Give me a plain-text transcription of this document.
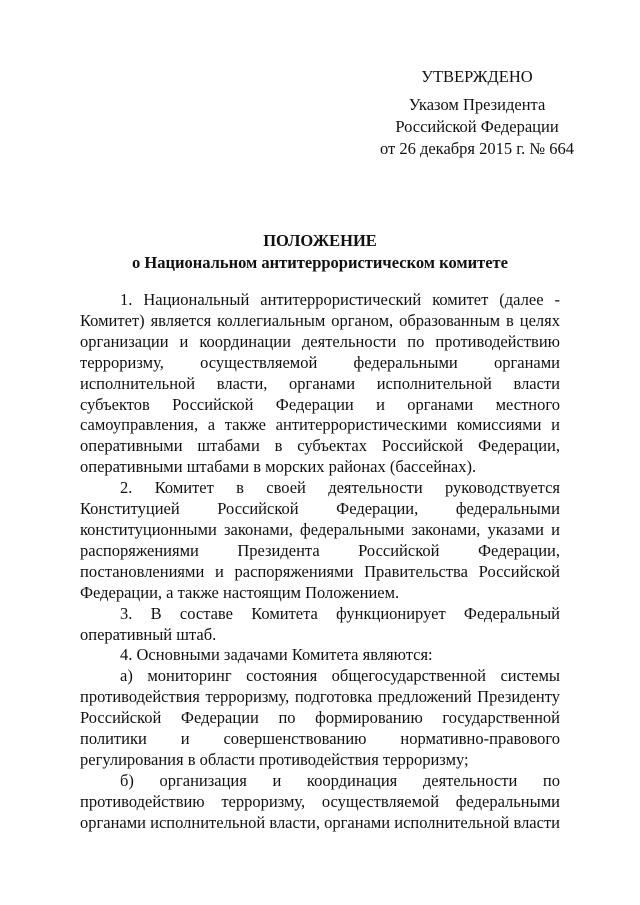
УТВЕРЖДЕНО
Указом Президента
Российской Федерации
от 26 декабря 2015 г. № 664
ПОЛОЖЕНИЕ
о Национальном антитеррористическом комитете

1. Национальный антитеррористический комитет (далее - Комитет) является коллегиальным органом, образованным в целях организации и координации деятельности по противодействию терроризму, осуществляемой федеральными органами исполнительной власти, органами исполнительной власти субъектов Российской Федерации и органами местного самоуправления, а также антитеррористическими комиссиями и оперативными штабами в субъектах Российской Федерации, оперативными штабами в морских районах (бассейнах).

2. Комитет в своей деятельности руководствуется Конституцией Российской Федерации, федеральными конституционными законами, федеральными законами, указами и распоряжениями Президента Российской Федерации, постановлениями и распоряжениями Правительства Российской Федерации, а также настоящим Положением.

3. В составе Комитета функционирует Федеральный оперативный штаб.

4. Основными задачами Комитета являются:

а) мониторинг состояния общегосударственной системы противодействия терроризму, подготовка предложений Президенту Российской Федерации по формированию государственной политики и совершенствованию нормативно-правового регулирования в области противодействия терроризму;

б) организация и координация деятельности по противодействию терроризму, осуществляемой федеральными органами исполнительной власти, органами исполнительной власти
